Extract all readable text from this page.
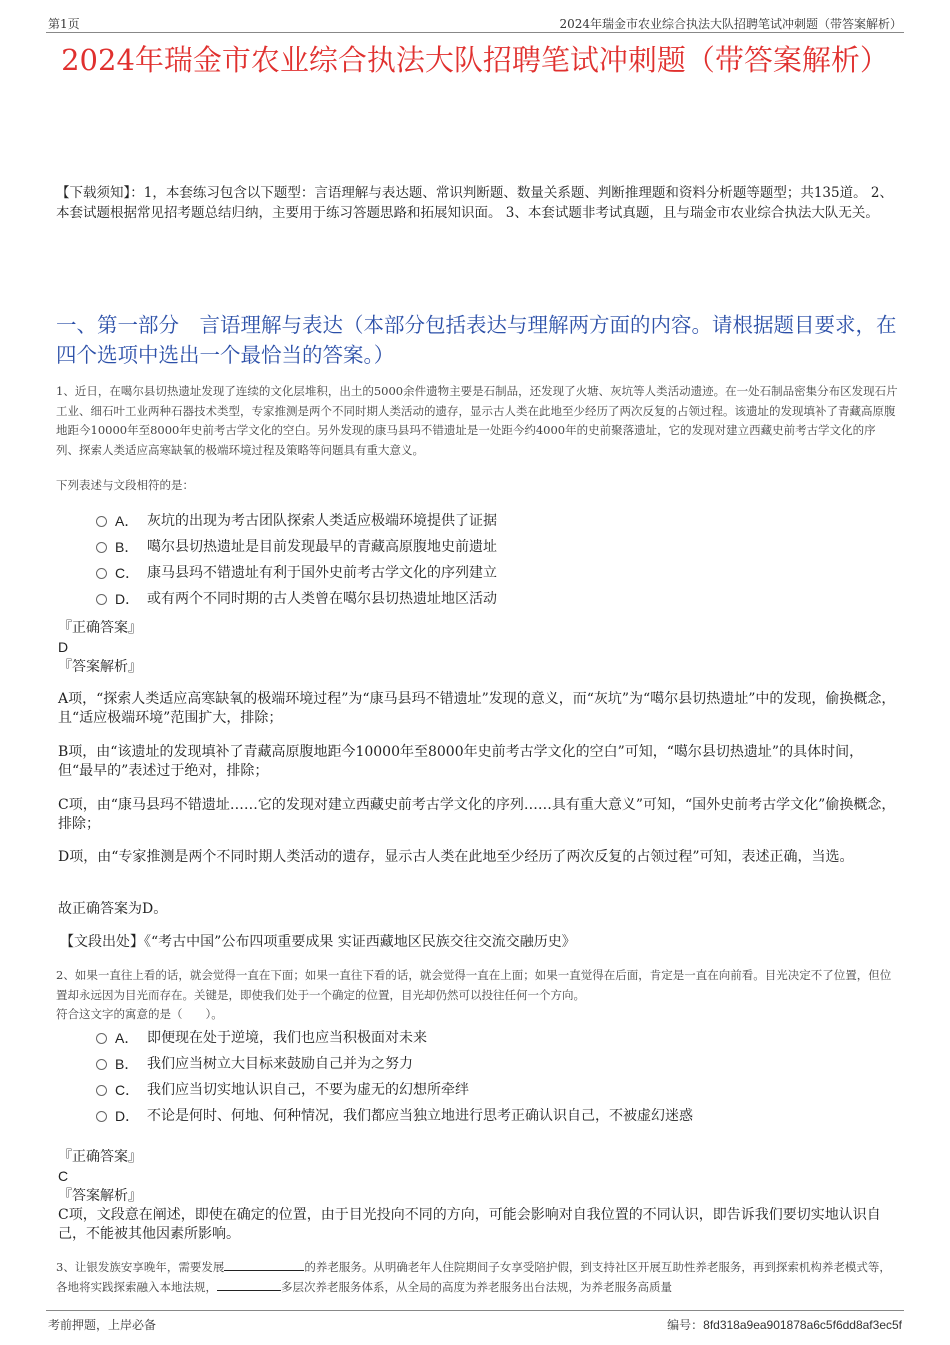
第1页	2024年瑞金市农业综合执法大队招聘笔试冲刺题（带答案解析）
2024年瑞金市农业综合执法大队招聘笔试冲刺题（带答案解析）
【下载须知】：1，本套练习包含以下题型：言语理解与表达题、常识判断题、数量关系题、判断推理题和资料分析题等题型；共135道。 2、本套试题根据常见招考题总结归纳，主要用于练习答题思路和拓展知识面。 3、本套试题非考试真题，且与瑞金市农业综合执法大队无关。
一、第一部分　言语理解与表达（本部分包括表达与理解两方面的内容。请根据题目要求，在四个选项中选出一个最恰当的答案。）
1、近日，在噶尔县切热遗址发现了连续的文化层堆积，出土的5000余件遗物主要是石制品，还发现了火塘、灰坑等人类活动遗迹。在一处石制品密集分布区发现石片工业、细石叶工业两种石器技术类型，专家推测是两个不同时期人类活动的遗存，显示古人类在此地至少经历了两次反复的占领过程。该遗址的发现填补了青藏高原腹地距今10000年至8000年史前考古学文化的空白。另外发现的康马县玛不错遗址是一处距今约4000年的史前聚落遗址，它的发现对建立西藏史前考古学文化的序列、探索人类适应高寒缺氧的极端环境过程及策略等问题具有重大意义。
下列表述与文段相符的是：
A． 灰坑的出现为考古团队探索人类适应极端环境提供了证据
B． 噶尔县切热遗址是目前发现最早的青藏高原腹地史前遗址
C． 康马县玛不错遗址有利于国外史前考古学文化的序列建立
D． 或有两个不同时期的古人类曾在噶尔县切热遗址地区活动
『正确答案』
D
『答案解析』
A项，“探索人类适应高寒缺氧的极端环境过程”为“康马县玛不错遗址”发现的意义，而“灰坑”为“噶尔县切热遗址”中的发现，偷换概念，且“适应极端环境”范围扩大，排除；
B项，由“该遗址的发现填补了青藏高原腹地距今10000年至8000年史前考古学文化的空白”可知，“噶尔县切热遗址”的具体时间，但“最早的”表述过于绝对，排除；
C项，由“康马县玛不错遗址……它的发现对建立西藏史前考古学文化的序列……具有重大意义”可知，“国外史前考古学文化”偷换概念，排除；
D项，由“专家推测是两个不同时期人类活动的遗存，显示古人类在此地至少经历了两次反复的占领过程”可知，表述正确，当选。
故正确答案为D。
【文段出处】《“考古中国”公布四项重要成果 实证西藏地区民族交往交流交融历史》
2、如果一直往上看的话，就会觉得一直在下面；如果一直往下看的话，就会觉得一直在上面；如果一直觉得在后面，肯定是一直在向前看。目光决定不了位置，但位置却永远因为目光而存在。关键是，即使我们处于一个确定的位置，目光却仍然可以投往任何一个方向。
符合这文字的寓意的是（　　）。
A． 即便现在处于逆境，我们也应当积极面对未来
B． 我们应当树立大目标来鼓励自己并为之努力
C． 我们应当切实地认识自己，不要为虚无的幻想所牵绊
D． 不论是何时、何地、何种情况，我们都应当独立地进行思考正确认识自己，不被虚幻迷惑
『正确答案』
C
『答案解析』
C项，文段意在阐述，即使在确定的位置，由于目光投向不同的方向，可能会影响对自我位置的不同认识，即告诉我们要切实地认识自己，不能被其他因素所影响。
3、让银发族安享晚年，需要发展	的养老服务。从明确老年人住院期间子女享受陪护假，到支持社区开展互助性养老服务，再到探索机构养老模式等，各地将实践探索融入本地法规，	多层次养老服务体系，从全局的高度为养老服务出台法规，为养老服务高质量
考前押题，上岸必备	编号：8fd318a9ea901878a6c5f6dd8af3ec5f
